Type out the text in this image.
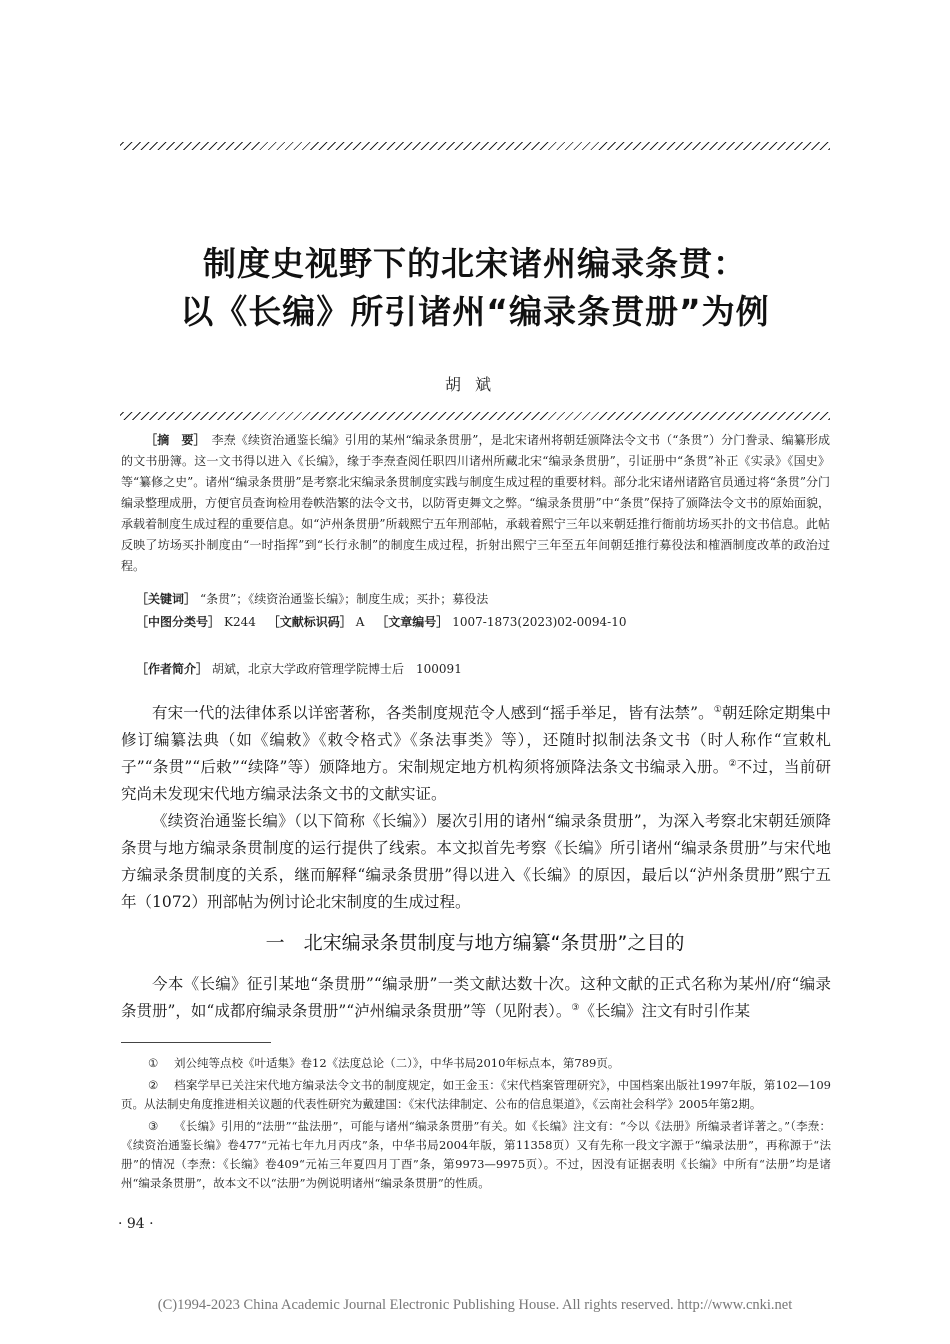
制度史视野下的北宋诸州编录条贯：
以《长编》所引诸州“编录条贯册”为例
胡斌
［摘　要］ 李焘《续资治通鉴长编》引用的某州“编录条贯册”，是北宋诸州将朝廷颁降法令文书（“条贯”）分门誊录、编纂形成的文书册簿。这一文书得以进入《长编》，缘于李焘查阅任职四川诸州所藏北宋“编录条贯册”，引证册中“条贯”补正《实录》《国史》等“纂修之史”。诸州“编录条贯册”是考察北宋编录条贯制度实践与制度生成过程的重要材料。部分北宋诸州诸路官员通过将“条贯”分门编录整理成册，方便官员查询检用卷帙浩繁的法令文书，以防胥吏舞文之弊。“编录条贯册”中“条贯”保持了颁降法令文书的原始面貌，承载着制度生成过程的重要信息。如“泸州条贯册”所载熙宁五年刑部帖，承载着熙宁三年以来朝廷推行衙前坊场买扑的文书信息。此帖反映了坊场买扑制度由“一时指挥”到“长行永制”的制度生成过程，折射出熙宁三年至五年间朝廷推行募役法和榷酒制度改革的政治过程。
［关键词］ “条贯”；《续资治通鉴长编》；制度生成；买扑；募役法
［中图分类号］ K244 ［文献标识码］ A ［文章编号］ 1007-1873(2023)02-0094-10
［作者简介］ 胡斌，北京大学政府管理学院博士后　100091

有宋一代的法律体系以详密著称，各类制度规范令人感到“摇手举足，皆有法禁”。①朝廷除定期集中修订编纂法典（如《编敕》《敕令格式》《条法事类》等），还随时拟制法条文书（时人称作“宣敕札子”“条贯”“后敕”“续降”等）颁降地方。宋制规定地方机构须将颁降法条文书编录入册。②不过，当前研究尚未发现宋代地方编录法条文书的文献实证。

《续资治通鉴长编》（以下简称《长编》）屡次引用的诸州“编录条贯册”，为深入考察北宋朝廷颁降条贯与地方编录条贯制度的运行提供了线索。本文拟首先考察《长编》所引诸州“编录条贯册”与宋代地方编录条贯制度的关系，继而解释“编录条贯册”得以进入《长编》的原因，最后以“泸州条贯册”熙宁五年（1072）刑部帖为例讨论北宋制度的生成过程。

一　北宋编录条贯制度与地方编纂“条贯册”之目的

今本《长编》征引某地“条贯册”“编录册”一类文献达数十次。这种文献的正式名称为某州/府“编录条贯册”，如“成都府编录条贯册”“泸州编录条贯册”等（见附表）。③《长编》注文有时引作某

① 刘公纯等点校《叶适集》卷12《法度总论（二）》，中华书局2010年标点本，第789页。
② 档案学早已关注宋代地方编录法令文书的制度规定，如王金玉：《宋代档案管理研究》，中国档案出版社1997年版，第102—109页。从法制史角度推进相关议题的代表性研究为戴建国：《宋代法律制定、公布的信息渠道》，《云南社会科学》2005年第2期。
③ 《长编》引用的“法册”“盐法册”，可能与诸州“编录条贯册”有关。如《长编》注文有：“今以《法册》所编录者详著之。”（李焘：《续资治通鉴长编》卷477“元祐七年九月丙戌”条，中华书局2004年版，第11358页）又有先称一段文字源于“编录法册”，再称源于“法册”的情况（李焘：《长编》卷409“元祐三年夏四月丁酉”条，第9973—9975页）。不过，因没有证据表明《长编》中所有“法册”均是诸州“编录条贯册”，故本文不以“法册”为例说明诸州“编录条贯册”的性质。
· 94 ·
(C)1994-2023 China Academic Journal Electronic Publishing House. All rights reserved. http://www.cnki.net
